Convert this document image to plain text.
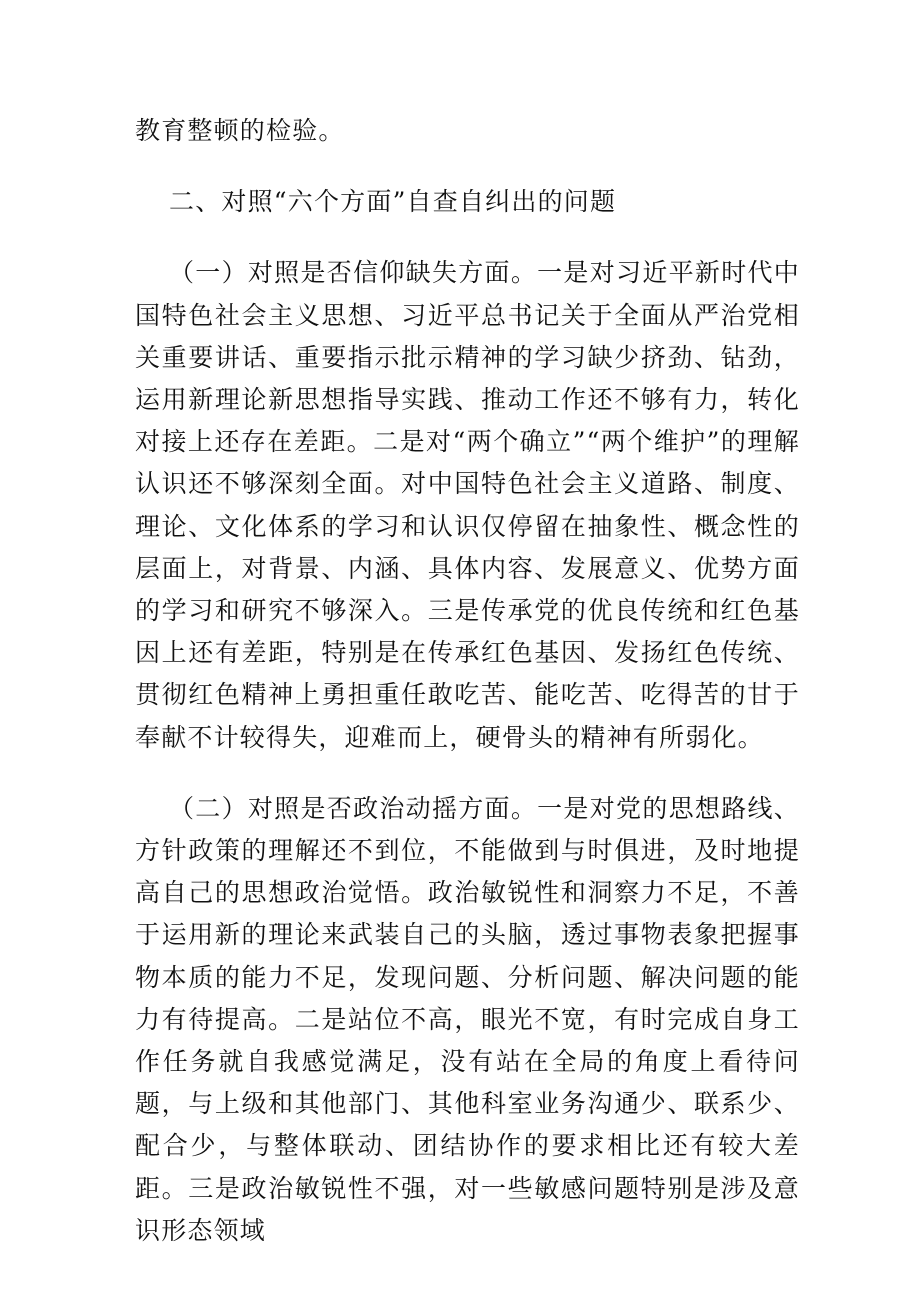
教育整顿的检验。

二、对照“六个方面”自查自纠出的问题

（一）对照是否信仰缺失方面。一是对习近平新时代中国特色社会主义思想、习近平总书记关于全面从严治党相关重要讲话、重要指示批示精神的学习缺少挤劲、钻劲，运用新理论新思想指导实践、推动工作还不够有力，转化对接上还存在差距。二是对“两个确立”“两个维护”的理解认识还不够深刻全面。对中国特色社会主义道路、制度、理论、文化体系的学习和认识仅停留在抽象性、概念性的层面上，对背景、内涵、具体内容、发展意义、优势方面的学习和研究不够深入。三是传承党的优良传统和红色基因上还有差距，特别是在传承红色基因、发扬红色传统、贯彻红色精神上勇担重任敢吃苦、能吃苦、吃得苦的甘于奉献不计较得失，迎难而上，硬骨头的精神有所弱化。

（二）对照是否政治动摇方面。一是对党的思想路线、方针政策的理解还不到位，不能做到与时俱进，及时地提高自己的思想政治觉悟。政治敏锐性和洞察力不足，不善于运用新的理论来武装自己的头脑，透过事物表象把握事物本质的能力不足，发现问题、分析问题、解决问题的能力有待提高。二是站位不高，眼光不宽，有时完成自身工作任务就自我感觉满足，没有站在全局的角度上看待问题，与上级和其他部门、其他科室业务沟通少、联系少、配合少，与整体联动、团结协作的要求相比还有较大差距。三是政治敏锐性不强，对一些敏感问题特别是涉及意识形态领域
